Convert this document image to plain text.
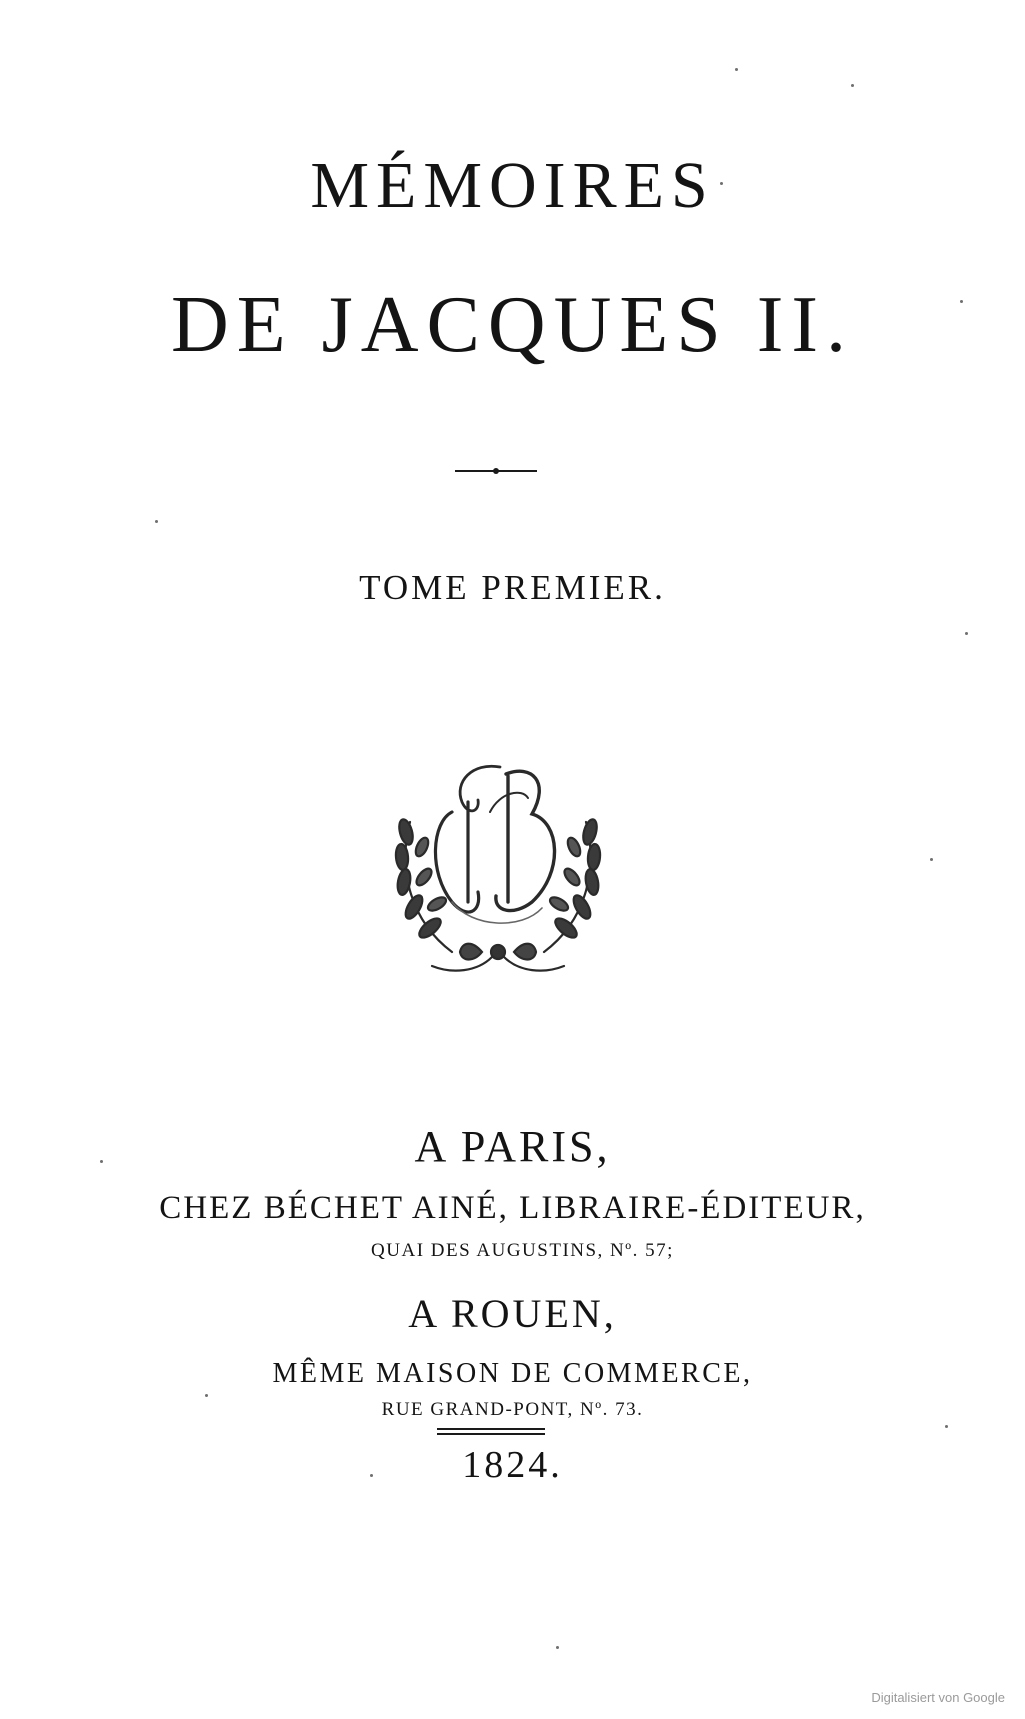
MÉMOIRES
DE JACQUES II.
TOME PREMIER.
A PARIS,
CHEZ BÉCHET AINÉ, LIBRAIRE-ÉDITEUR,
QUAI DES AUGUSTINS, Nº. 57;
A ROUEN,
MÊME MAISON DE COMMERCE,
RUE GRAND-PONT, Nº. 73.
1824.
Digitalisiert von Google
